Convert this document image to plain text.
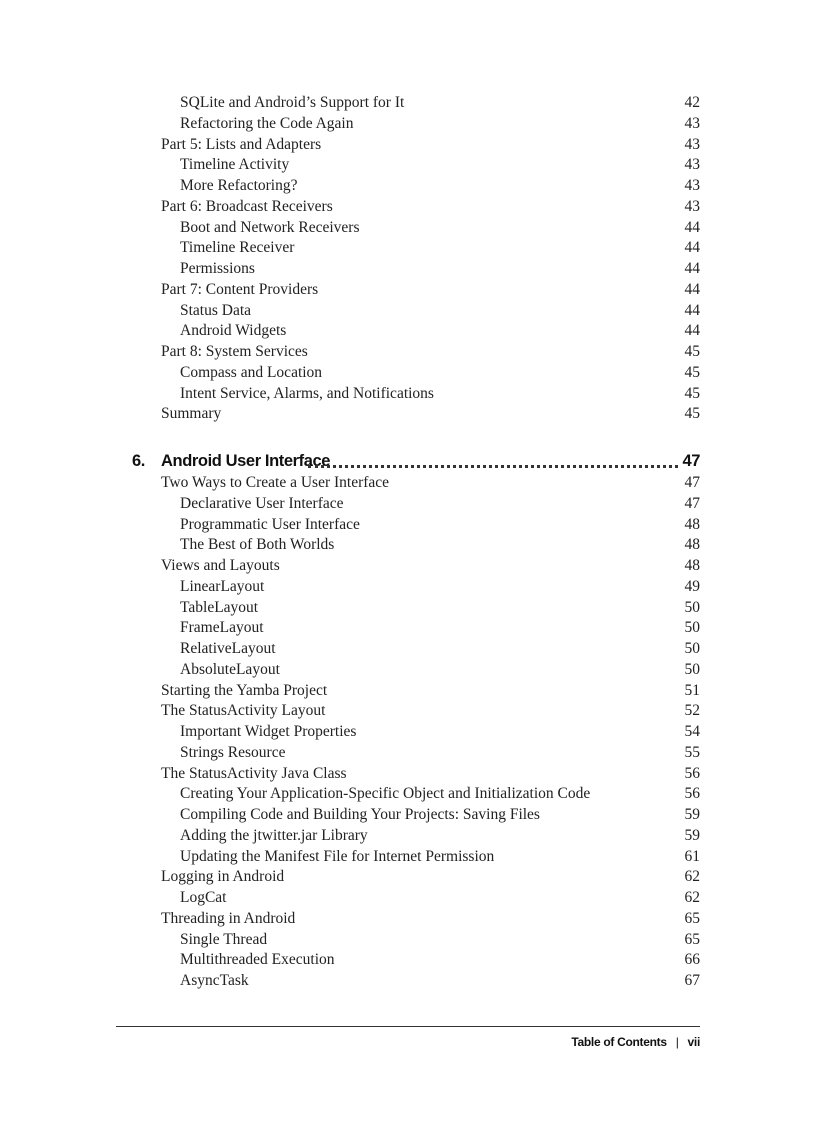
SQLite and Android’s Support for It	42
Refactoring the Code Again	43
Part 5: Lists and Adapters	43
Timeline Activity	43
More Refactoring?	43
Part 6: Broadcast Receivers	43
Boot and Network Receivers	44
Timeline Receiver	44
Permissions	44
Part 7: Content Providers	44
Status Data	44
Android Widgets	44
Part 8: System Services	45
Compass and Location	45
Intent Service, Alarms, and Notifications	45
Summary	45
6. Android User Interface	47
Two Ways to Create a User Interface	47
Declarative User Interface	47
Programmatic User Interface	48
The Best of Both Worlds	48
Views and Layouts	48
LinearLayout	49
TableLayout	50
FrameLayout	50
RelativeLayout	50
AbsoluteLayout	50
Starting the Yamba Project	51
The StatusActivity Layout	52
Important Widget Properties	54
Strings Resource	55
The StatusActivity Java Class	56
Creating Your Application-Specific Object and Initialization Code	56
Compiling Code and Building Your Projects: Saving Files	59
Adding the jtwitter.jar Library	59
Updating the Manifest File for Internet Permission	61
Logging in Android	62
LogCat	62
Threading in Android	65
Single Thread	65
Multithreaded Execution	66
AsyncTask	67
Table of Contents | vii
